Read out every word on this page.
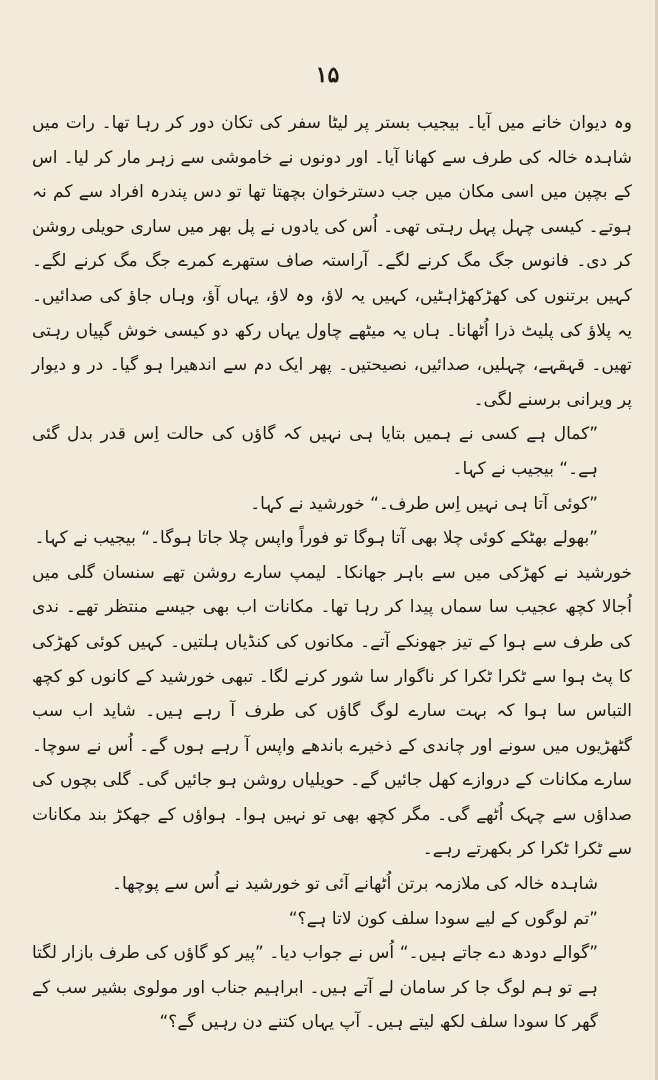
۱۵

وہ دیوان خانے میں آیا۔ بیجیب بستر پر لیٹا سفر کی تکان دور کر رہا تھا۔ رات میں شاہدہ خالہ کی طرف سے کھانا آیا۔ اور دونوں نے خاموشی سے زہر مار کر لیا۔ اس کے بچپن میں اسی مکان میں جب دسترخوان بچھتا تھا تو دس پندرہ افراد سے کم نہ ہوتے۔ کیسی چہل پہل رہتی تھی۔ اُس کی یادوں نے پل بھر میں ساری حویلی روشن کر دی۔ فانوس جگ مگ کرنے لگے۔ آراستہ صاف ستھرے کمرے جگ مگ کرنے لگے۔ کہیں برتنوں کی کھڑکھڑاہٹیں، کہیں یہ لاؤ، وہ لاؤ، یہاں آؤ، وہاں جاؤ کی صدائیں۔ یہ پلاؤ کی پلیٹ ذرا اُٹھانا۔ ہاں یہ میٹھے چاول یہاں رکھ دو کیسی خوش گپیاں رہتی تھیں۔ قہقہے، چہلیں، صدائیں، نصیحتیں۔ پھر ایک دم سے اندھیرا ہو گیا۔ در و دیوار پر ویرانی برسنے لگی۔

”کمال ہے کسی نے ہمیں بتایا ہی نہیں کہ گاؤں کی حالت اِس قدر بدل گئی ہے۔“ بیجیب نے کہا۔

”کوئی آتا ہی نہیں اِس طرف۔“ خورشید نے کہا۔

”بھولے بھٹکے کوئی چلا بھی آتا ہوگا تو فوراً واپس چلا جاتا ہوگا۔“ بیجیب نے کہا۔

خورشید نے کھڑکی میں سے باہر جھانکا۔ لیمپ سارے روشن تھے سنسان گلی میں اُجالا کچھ عجیب سا سماں پیدا کر رہا تھا۔ مکانات اب بھی جیسے منتظر تھے۔ ندی کی طرف سے ہوا کے تیز جھونکے آتے۔ مکانوں کی کنڈیاں ہلتیں۔ کہیں کوئی کھڑکی کا پٹ ہوا سے ٹکرا ٹکرا کر ناگوار سا شور کرنے لگا۔ تبھی خورشید کے کانوں کو کچھ التباس سا ہوا کہ بہت سارے لوگ گاؤں کی طرف آ رہے ہیں۔ شاید اب سب گٹھڑیوں میں سونے اور چاندی کے ذخیرے باندھے واپس آ رہے ہوں گے۔ اُس نے سوچا۔ سارے مکانات کے دروازے کھل جائیں گے۔ حویلیاں روشن ہو جائیں گی۔ گلی بچوں کی صداؤں سے چہک اُٹھے گی۔ مگر کچھ بھی تو نہیں ہوا۔ ہواؤں کے جھکڑ بند مکانات سے ٹکرا ٹکرا کر بکھرتے رہے۔

شاہدہ خالہ کی ملازمہ برتن اُٹھانے آئی تو خورشید نے اُس سے پوچھا۔

”تم لوگوں کے لیے سودا سلف کون لاتا ہے؟“

”گوالے دودھ دے جاتے ہیں۔“ اُس نے جواب دیا۔ ”پیر کو گاؤں کی طرف بازار لگتا ہے تو ہم لوگ جا کر سامان لے آتے ہیں۔ ابراہیم جناب اور مولوی بشیر سب کے گھر کا سودا سلف لکھ لیتے ہیں۔ آپ یہاں کتنے دن رہیں گے؟“
